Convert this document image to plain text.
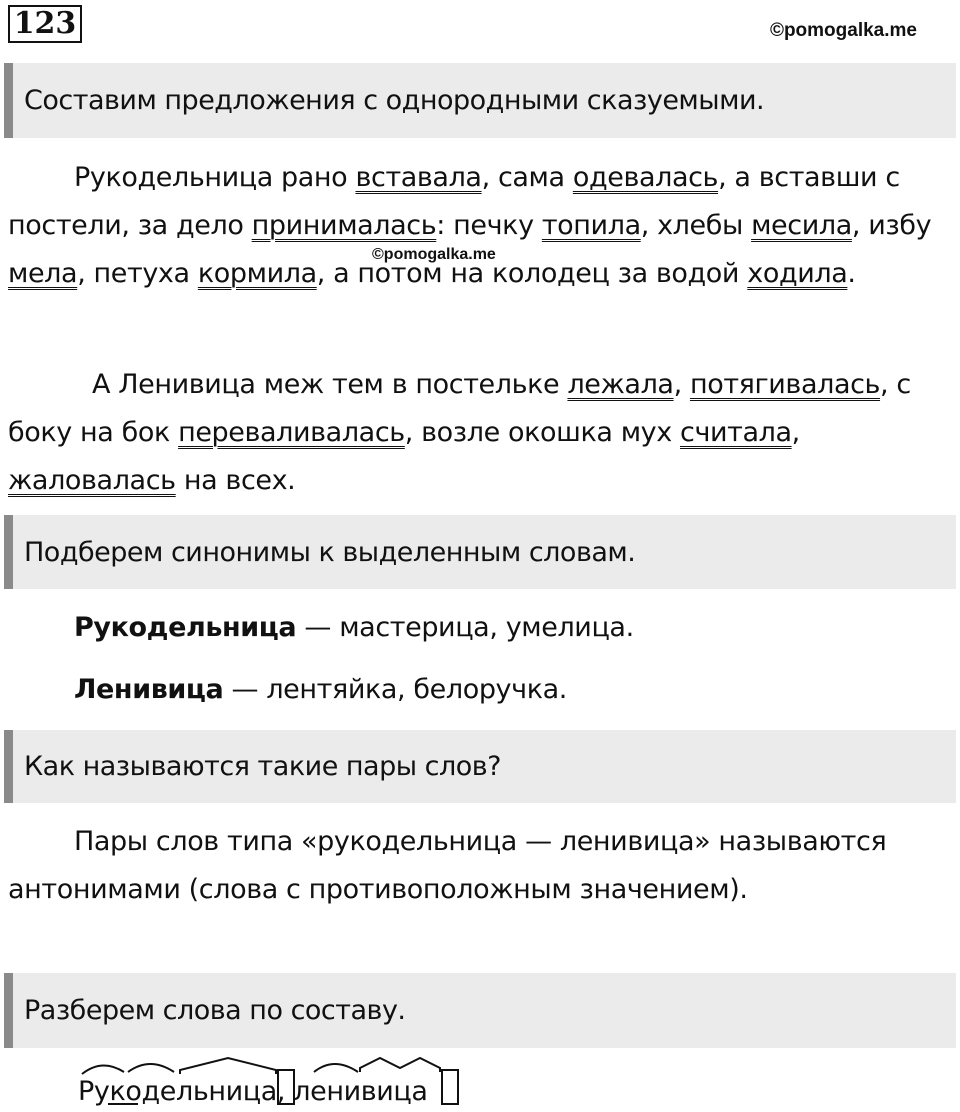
123	©pomogalka.me
©pomogalka.me
Составим предложения с однородными сказуемыми.
Рукодельница рано вставала, сама одевалась, а вставши с постели, за дело принималась: печку топила, хлебы месила, избу мела, петуха кормила, а потом на колодец за водой ходила.
А Ленивица меж тем в постельке лежала, потягивалась, с боку на бок переваливалась, возле окошка мух считала, жаловалась на всех.
Подберем синонимы к выделенным словам.
Рукодельница — мастерица, умелица.
Ленивица — лентяйка, белоручка.
Как называются такие пары слов?
Пары слов типа «рукодельница — ленивица» называются антонимами (слова с противоположным значением).
Разберем слова по составу.
Рукодельница, ленивица
